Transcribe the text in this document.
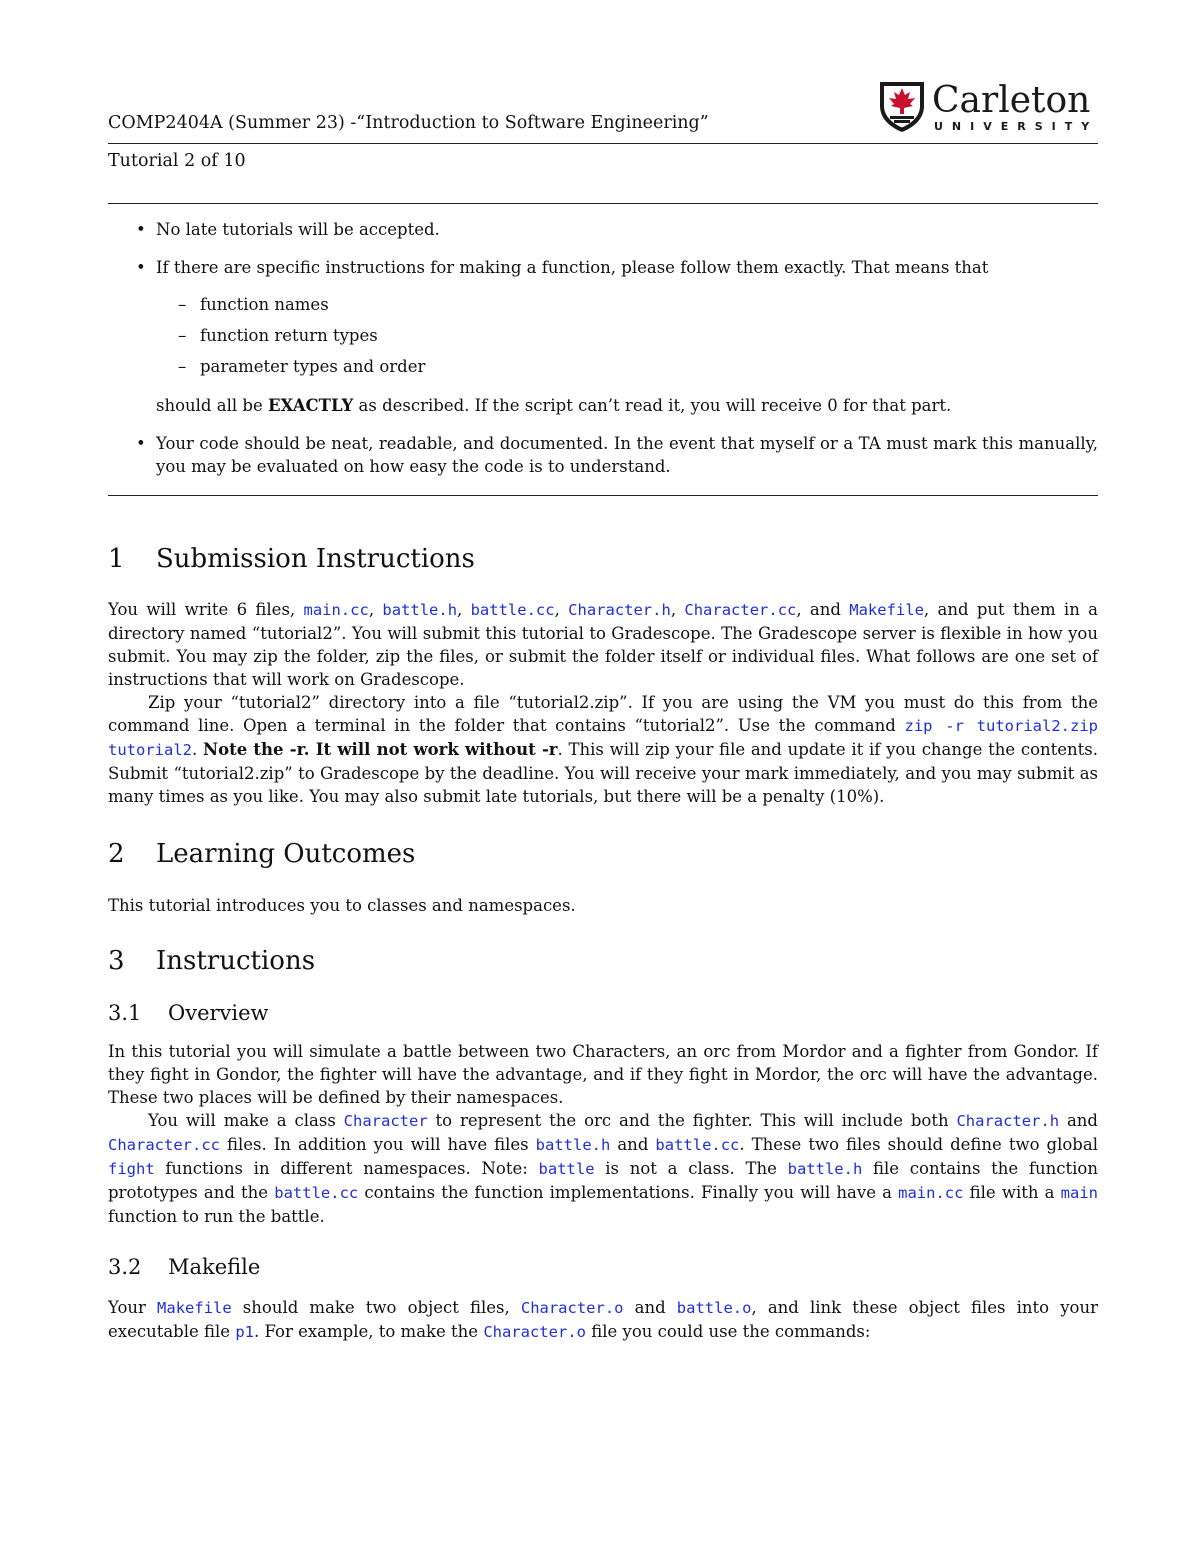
COMP2404A (Summer 23) -“Introduction to Software Engineering”
Tutorial 2 of 10
Carleton
UNIVERSITY
• No late tutorials will be accepted.
• If there are specific instructions for making a function, please follow them exactly. That means that
– function names
– function return types
– parameter types and order
should all be EXACTLY as described. If the script can’t read it, you will receive 0 for that part.
• Your code should be neat, readable, and documented. In the event that myself or a TA must mark this manually, you may be evaluated on how easy the code is to understand.
1 Submission Instructions
You will write 6 files, main.cc, battle.h, battle.cc, Character.h, Character.cc, and Makefile, and put them in a directory named “tutorial2”. You will submit this tutorial to Gradescope. The Gradescope server is flexible in how you submit. You may zip the folder, zip the files, or submit the folder itself or individual files. What follows are one set of instructions that will work on Gradescope.
Zip your “tutorial2” directory into a file “tutorial2.zip”. If you are using the VM you must do this from the command line. Open a terminal in the folder that contains “tutorial2”. Use the command zip -r tutorial2.zip tutorial2. Note the -r. It will not work without -r. This will zip your file and update it if you change the contents. Submit “tutorial2.zip” to Gradescope by the deadline. You will receive your mark immediately, and you may submit as many times as you like. You may also submit late tutorials, but there will be a penalty (10%).
2 Learning Outcomes
This tutorial introduces you to classes and namespaces.
3 Instructions
3.1 Overview
In this tutorial you will simulate a battle between two Characters, an orc from Mordor and a fighter from Gondor. If they fight in Gondor, the fighter will have the advantage, and if they fight in Mordor, the orc will have the advantage. These two places will be defined by their namespaces.
You will make a class Character to represent the orc and the fighter. This will include both Character.h and Character.cc files. In addition you will have files battle.h and battle.cc. These two files should define two global fight functions in different namespaces. Note: battle is not a class. The battle.h file contains the function prototypes and the battle.cc contains the function implementations. Finally you will have a main.cc file with a main function to run the battle.
3.2 Makefile
Your Makefile should make two object files, Character.o and battle.o, and link these object files into your executable file p1. For example, to make the Character.o file you could use the commands:
